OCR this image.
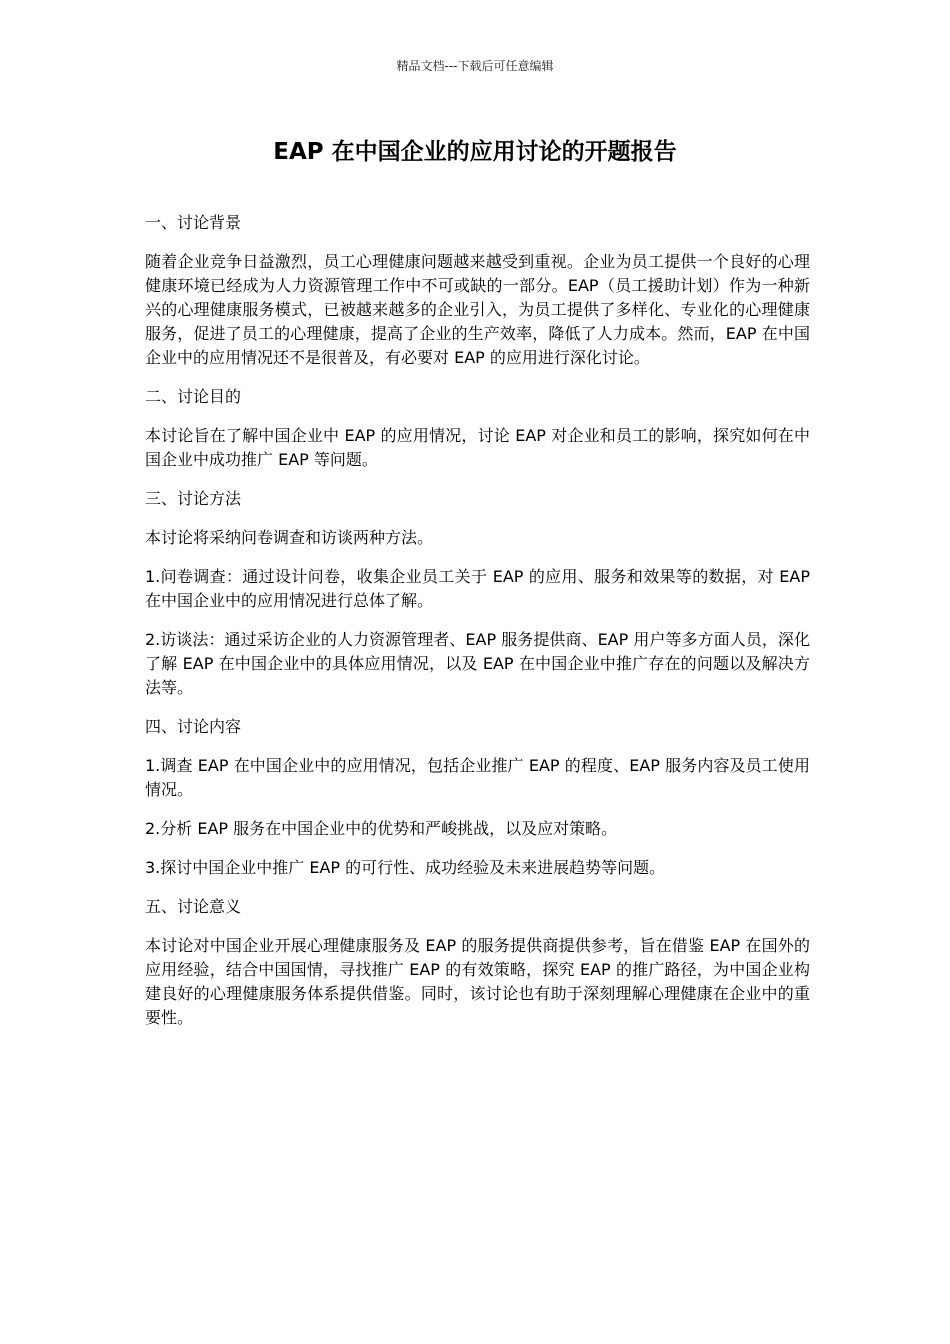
精品文档---下载后可任意编辑
EAP 在中国企业的应用讨论的开题报告

一、讨论背景

随着企业竞争日益激烈，员工心理健康问题越来越受到重视。企业为员工提供一个良好的心理健康环境已经成为人力资源管理工作中不可或缺的一部分。EAP（员工援助计划）作为一种新兴的心理健康服务模式，已被越来越多的企业引入，为员工提供了多样化、专业化的心理健康服务，促进了员工的心理健康，提高了企业的生产效率，降低了人力成本。然而，EAP 在中国企业中的应用情况还不是很普及，有必要对 EAP 的应用进行深化讨论。

二、讨论目的

本讨论旨在了解中国企业中 EAP 的应用情况，讨论 EAP 对企业和员工的影响，探究如何在中国企业中成功推广 EAP 等问题。

三、讨论方法

本讨论将采纳问卷调查和访谈两种方法。

1.问卷调查：通过设计问卷，收集企业员工关于 EAP 的应用、服务和效果等的数据，对 EAP 在中国企业中的应用情况进行总体了解。

2.访谈法：通过采访企业的人力资源管理者、EAP 服务提供商、EAP 用户等多方面人员，深化了解 EAP 在中国企业中的具体应用情况，以及 EAP 在中国企业中推广存在的问题以及解决方法等。

四、讨论内容

1.调查 EAP 在中国企业中的应用情况，包括企业推广 EAP 的程度、EAP 服务内容及员工使用情况。

2.分析 EAP 服务在中国企业中的优势和严峻挑战，以及应对策略。

3.探讨中国企业中推广 EAP 的可行性、成功经验及未来进展趋势等问题。

五、讨论意义

本讨论对中国企业开展心理健康服务及 EAP 的服务提供商提供参考，旨在借鉴 EAP 在国外的应用经验，结合中国国情，寻找推广 EAP 的有效策略，探究 EAP 的推广路径，为中国企业构建良好的心理健康服务体系提供借鉴。同时，该讨论也有助于深刻理解心理健康在企业中的重要性。
